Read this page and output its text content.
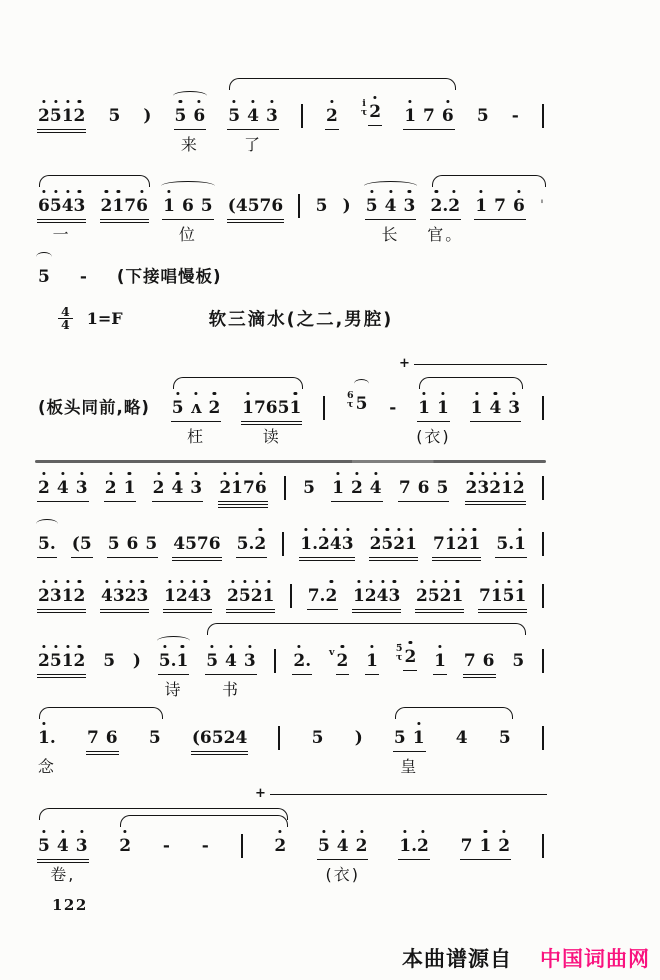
2512 5 ) 5 6
来
5 4 3
了
2
i
τ 2 1 7 6 5 -
6543
一
2176 1 6 5
位
(4576 5 ) 5 4 3
长
2.2
官。
1 7 6 '
5 - (下接唱慢板)
(板头同前,略) 5 ʌ 2
枉
17651
读
6
τ 5 - 1 1
(衣)
1 4 3
+
2 4 3 2 1 2 4 3 2176 5 1 2 4 7 6 5 23212
5. (5 5 6 5 4576 5.2 1.243 2521 7121 5.1
2312 4323 1243 2521 7.2 1243 2521 7151
2512 5 ) 5.1
诗
5 4 3
书
2. v 2 1
5̇
τ 2 1 7 6 5
1.
念
7 6 5 (6524	5 ) 5 1
皇
4 5
5 4 3
卷,
2 - -	2 5 4 2
(衣)
1.2 7 1 2
+
4
4 1=F	软三滴水(之二,男腔)
122
本曲谱源自 中国词曲网
